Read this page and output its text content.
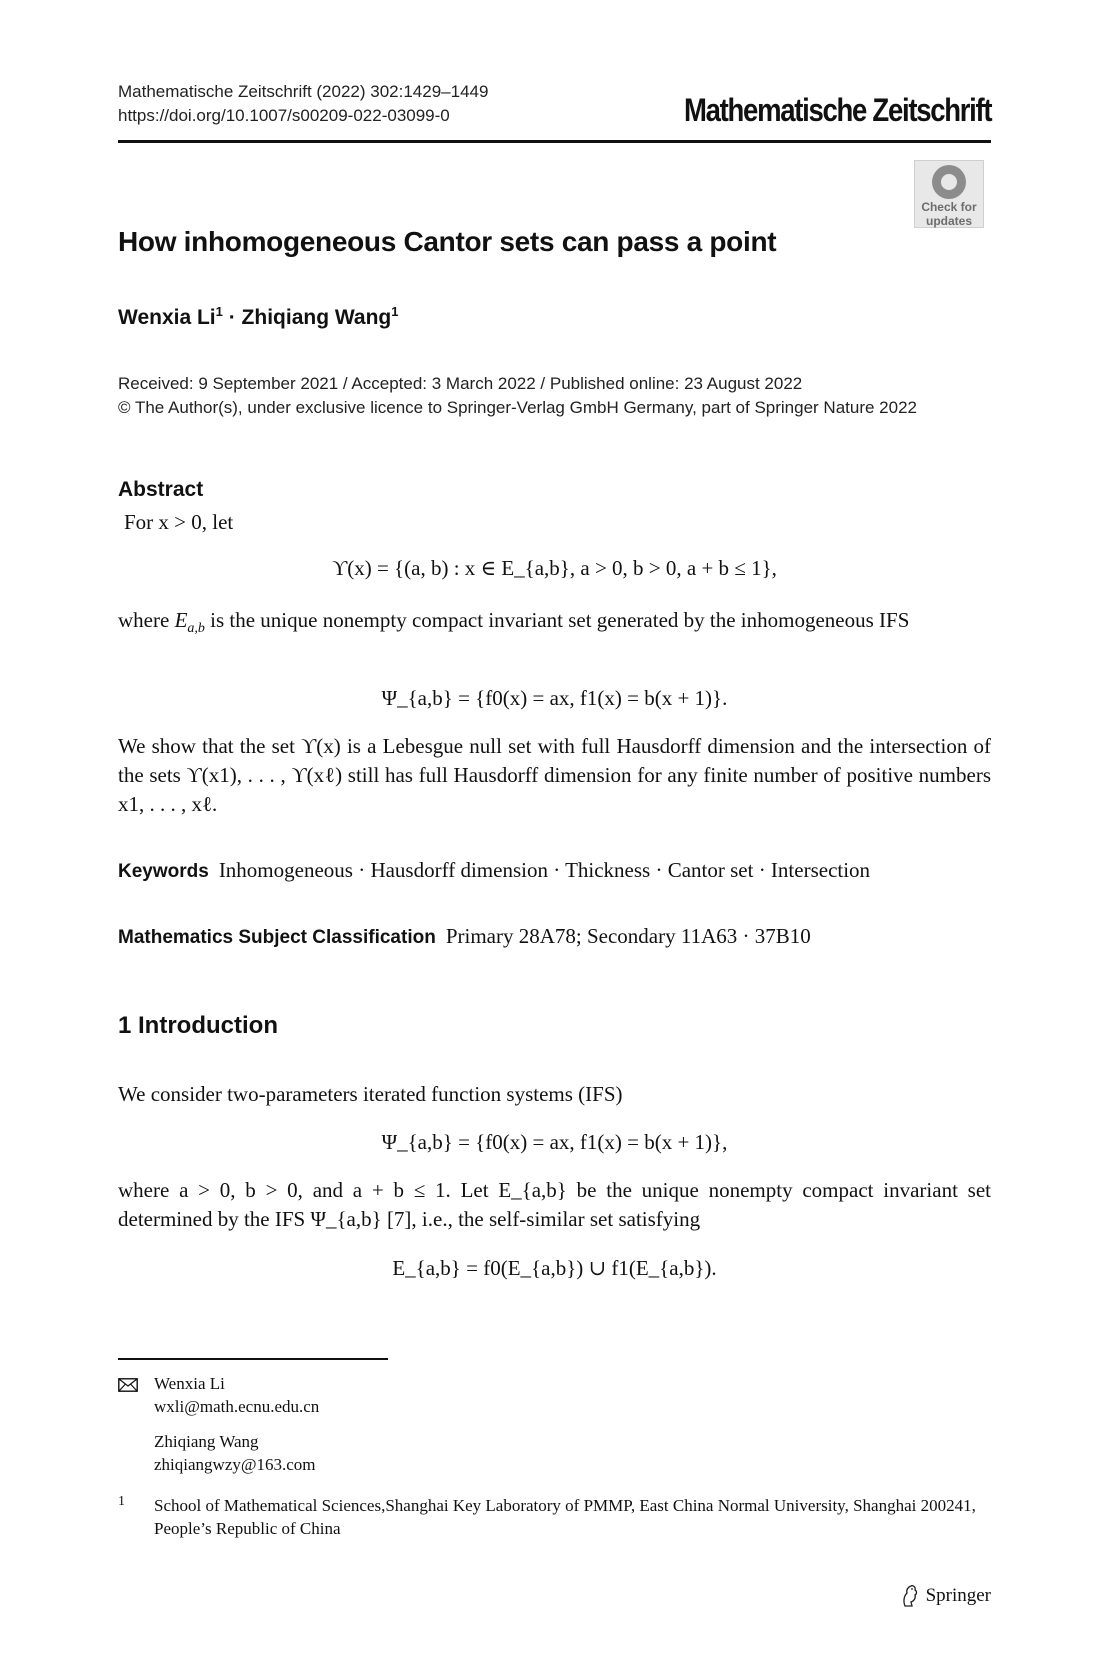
Mathematische Zeitschrift (2022) 302:1429–1449
https://doi.org/10.1007/s00209-022-03099-0	Mathematische Zeitschrift
Check for
updates
How inhomogeneous Cantor sets can pass a point
Wenxia $Li^1$ · Zhiqiang Wang$^1$
Received: 9 September 2021 / Accepted: 3 March 2022 / Published online: 23 August 2022
© The Author(s), under exclusive licence to Springer-Verlag GmbH Germany, part of Springer Nature 2022
Abstract
For x > 0, let
ϒ(x) = {(a, b) : x ∈ E_{a,b}, a > 0, b > 0, a + b ≤ 1},
where $E_{a,b}$ is the unique nonempty compact invariant set generated by the inhomogeneous IFS
Ψ_{a,b} = {f0(x) = ax, f1(x) = b(x + 1)}.
We show that the set ϒ(x) is a Lebesgue null set with full Hausdorff dimension and the intersection of the sets ϒ(x1), . . . , ϒ(xℓ) still has full Hausdorff dimension for any finite number of positive numbers x1, . . . , xℓ.
Keywords Inhomogeneous · Hausdorff dimension · Thickness · Cantor set · Intersection
Mathematics Subject Classification Primary 28A78; Secondary 11A63 · 37B10
1 Introduction
We consider two-parameters iterated function systems (IFS)
Ψ_{a,b} = {f0(x) = ax, f1(x) = b(x + 1)},
where a > 0, b > 0, and a + b ≤ 1. Let E_{a,b} be the unique nonempty compact invariant set determined by the IFS Ψ_{a,b} [7], i.e., the self-similar set satisfying
E_{a,b} = f0(E_{a,b}) ∪ f1(E_{a,b}).
Wenxia Li
wxli@math.ecnu.edu.cn
Zhiqiang Wang
zhiqiangwzy@163.com
1 School of Mathematical Sciences,Shanghai Key Laboratory of PMMP, East China Normal University, Shanghai 200241, People’s Republic of China
Springer
